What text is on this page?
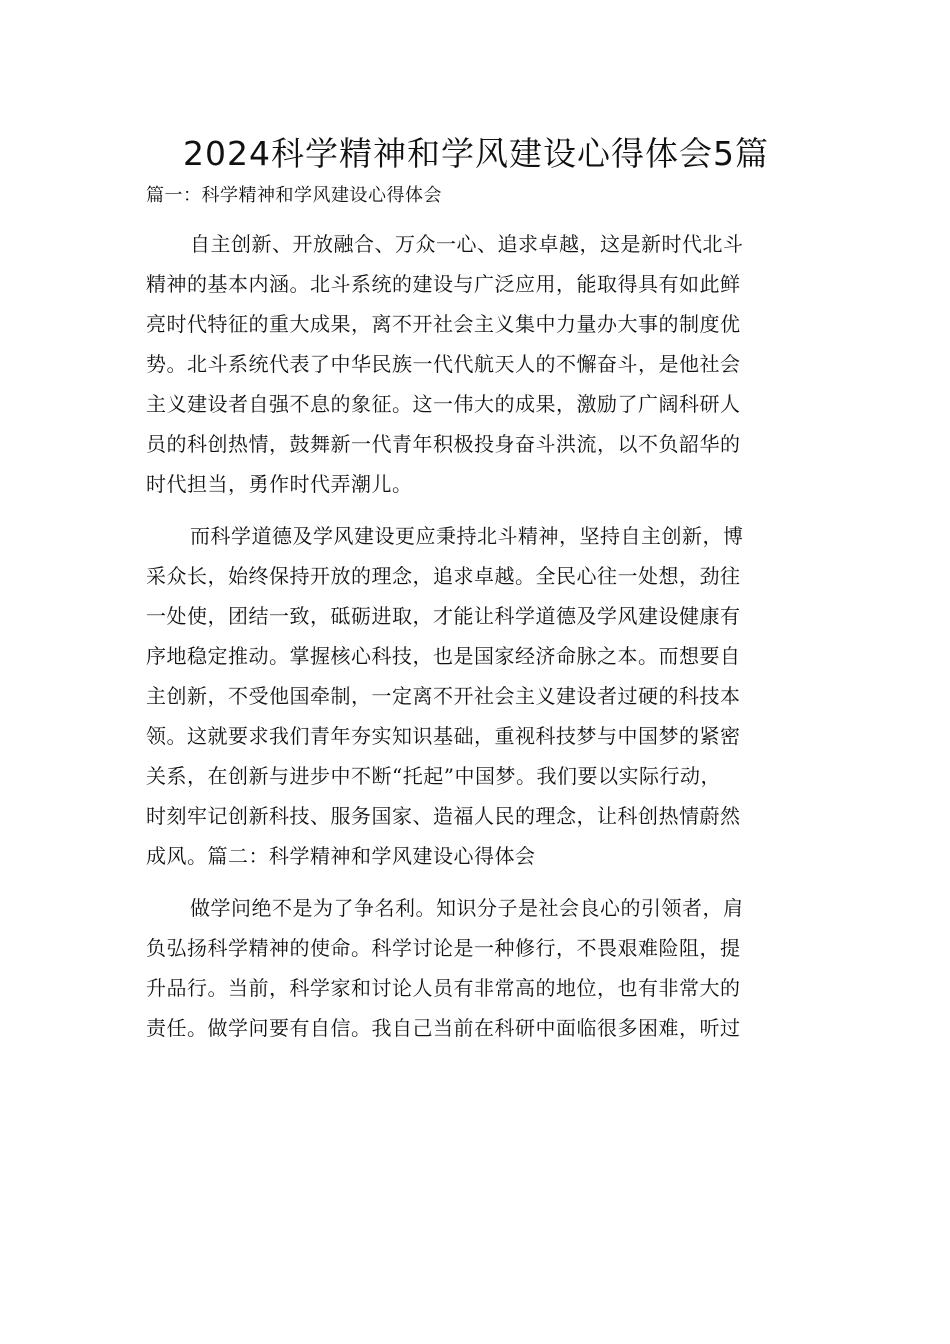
2024科学精神和学风建设心得体会5篇
篇一：科学精神和学风建设心得体会
自主创新、开放融合、万众一心、追求卓越，这是新时代北斗
精神的基本内涵。北斗系统的建设与广泛应用，能取得具有如此鲜
亮时代特征的重大成果，离不开社会主义集中力量办大事的制度优
势。北斗系统代表了中华民族一代代航天人的不懈奋斗，是他社会
主义建设者自强不息的象征。这一伟大的成果，激励了广阔科研人
员的科创热情，鼓舞新一代青年积极投身奋斗洪流，以不负韶华的
时代担当，勇作时代弄潮儿。
而科学道德及学风建设更应秉持北斗精神，坚持自主创新，博
采众长，始终保持开放的理念，追求卓越。全民心往一处想，劲往
一处使，团结一致，砥砺进取，才能让科学道德及学风建设健康有
序地稳定推动。掌握核心科技，也是国家经济命脉之本。而想要自
主创新，不受他国牵制，一定离不开社会主义建设者过硬的科技本
领。这就要求我们青年夯实知识基础，重视科技梦与中国梦的紧密
关系，在创新与进步中不断“托起”中国梦。我们要以实际行动，
时刻牢记创新科技、服务国家、造福人民的理念，让科创热情蔚然
成风。篇二：科学精神和学风建设心得体会
做学问绝不是为了争名利。知识分子是社会良心的引领者，肩
负弘扬科学精神的使命。科学讨论是一种修行，不畏艰难险阻，提
升品行。当前，科学家和讨论人员有非常高的地位，也有非常大的
责任。做学问要有自信。我自己当前在科研中面临很多困难，听过
